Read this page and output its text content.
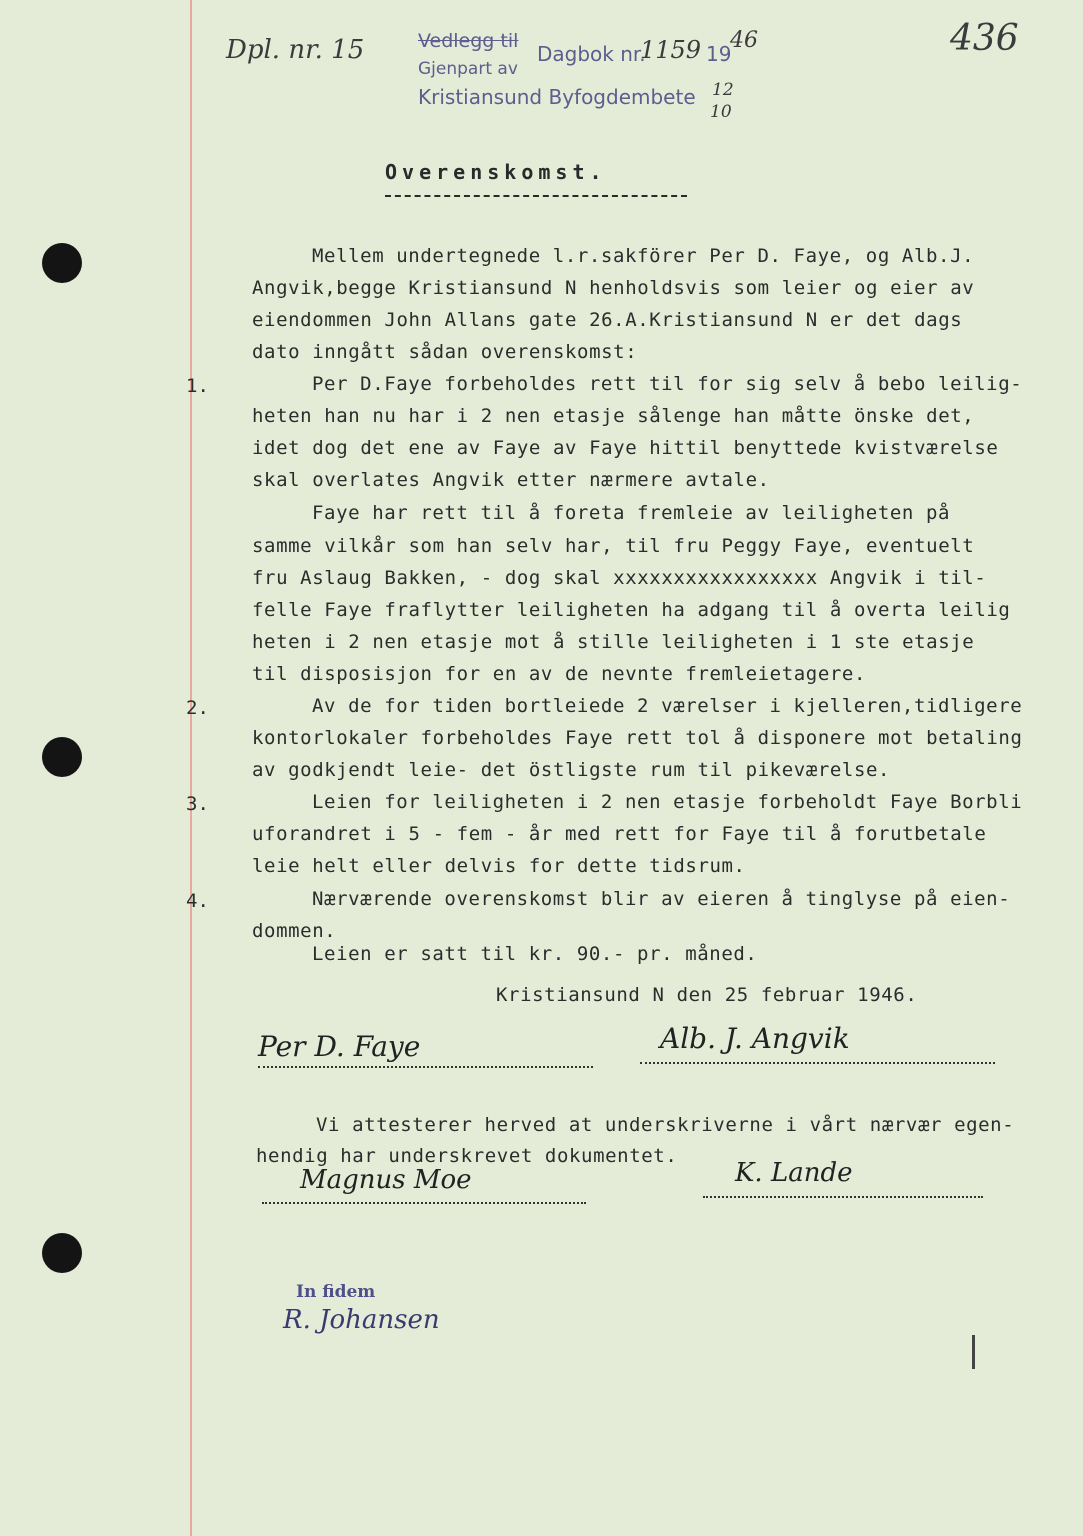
Dpl. nr. 15	436
Vedlegg til
Gjenpart av
Kristiansund Byfogdembete
Dagbok nr.
1159 19
46
12
10
Overenskomst.
Mellem undertegnede l.r.sakförer Per D. Faye, og Alb.J.
Angvik,begge Kristiansund N henholdsvis som leier og eier av
eiendommen John Allans gate 26.A.Kristiansund N er det dags
dato inngått sådan overenskomst:
1.	Per D.Faye forbeholdes rett til for sig selv å bebo leilig-
heten han nu har i 2 nen etasje sålenge han måtte önske det,
idet dog det ene av Faye av Faye hittil benyttede kvistværelse
skal overlates Angvik etter nærmere avtale.
Faye har rett til å foreta fremleie av leiligheten på
samme vilkår som han selv har, til fru Peggy Faye, eventuelt
fru Aslaug Bakken, - dog skal xxxxxxxxxxxxxxxxx Angvik i til-
felle Faye fraflytter leiligheten ha adgang til å overta leilig
heten i 2 nen etasje mot å stille leiligheten i 1 ste etasje
til disposisjon for en av de nevnte fremleietagere.
2.	Av de for tiden bortleiede 2 værelser i kjelleren,tidligere
kontorlokaler forbeholdes Faye rett tol å disponere mot betaling
av godkjendt leie- det östligste rum til pikeværelse.
3.	Leien for leiligheten i 2 nen etasje forbeholdt Faye Borbli
uforandret i 5 - fem - år med rett for Faye til å forutbetale
leie helt eller delvis for dette tidsrum.
4.	Nærværende overenskomst blir av eieren å tinglyse på eien-
dommen.
Leien er satt til kr. 90.- pr. måned.
Kristiansund N den 25 februar 1946.
Per D. Faye	Alb. J. Angvik
Vi attesterer herved at underskriverne i vårt nærvær egen-
hendig har underskrevet dokumentet.
Magnus Moe	K. Lande
In fidem
R. Johansen
